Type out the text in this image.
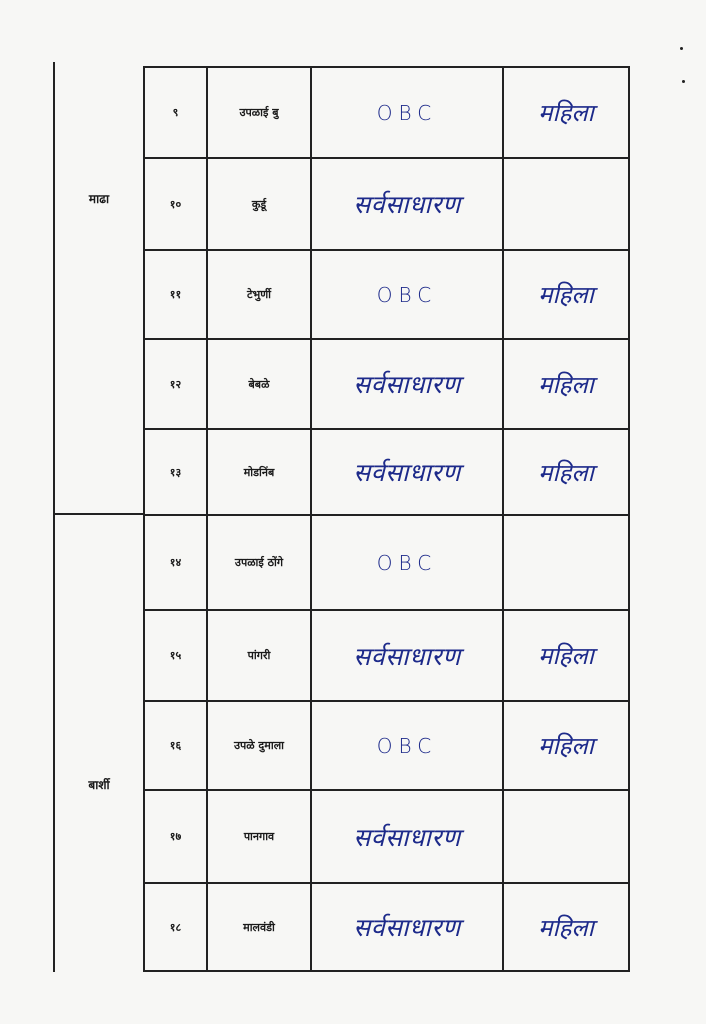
माढा
बार्शी
९	उपळाई बु	OBC	महिला
१०	कुर्डू	सर्वसाधारण
११	टेभुर्णी	OBC	महिला
१२	बेबळे	सर्वसाधारण	महिला
१३	मोडनिंब	सर्वसाधारण	महिला
१४	उपळाई ठोंगे	OBC
१५	पांगरी	सर्वसाधारण	महिला
१६	उपळे दुमाला	OBC	महिला
१७	पानगाव	सर्वसाधारण
१८	मालवंडी	सर्वसाधारण	महिला
